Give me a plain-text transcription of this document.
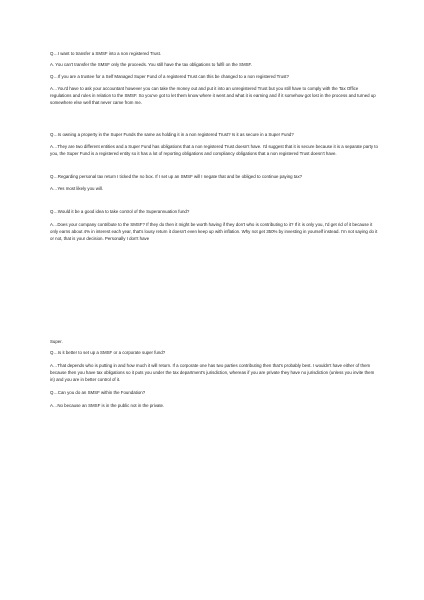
Q…I want to transfer a SMSF into a non registered Trust.

A. You can't transfer the SMSF only the proceeds. You still have the tax obligations to fulfil on the SMSF.

Q…If you are a trustee for a Self Managed Super Fund of a registered Trust can this be changed to a non registered Trust?

A…You'd have to ask your accountant however you can take the money out and put it into an unregistered Trust but you still have to comply with the Tax Office regulations and rules in relation to the SMSF. So you've got to let them know where it went and what it is earning and if it somehow got lost in the process and turned up somewhere else well that never came from me.

Q…Is owning a property in the Super Funds the same as holding it in a non registered Trust? Is it as secure in a Super Fund?

A…They are two different entities and a Super Fund has obligations that a non registered Trust doesn't have. I'd suggest that it is secure because it is a separate party to you, the Super Fund is a registered entity so it has a lot of reporting obligations and compliancy obligations that a non registered Trust doesn't have.

Q…Regarding personal tax return I ticked the no box. If I set up an SMSF will I negate that and be obliged to continue paying tax?

A…Yes most likely you will.

Q…Would it be a good idea to take control of the Superannuation fund?

A…Does your company contribute to the SMSF? If they do then it might be worth having if they don't who is contributing to it? If it is only you, I'd get rid of it because it only earns about 4% in interest each year, that's lousy return it doesn't even keep up with inflation. Why not get 350% by investing in yourself instead. I'm not saying do it or not, that is your decision. Personally I don't have

Super.

Q…Is it better to set up a SMSF or a corporate super fund?

A…That depends who is putting in and how much it will return. If a corporate one has two parties contributing then that's probably best. I wouldn't have either of them because then you have tax obligations so it puts you under the tax department's jurisdiction, whereas if you are private they have no jurisdiction (unless you invite them in) and you are in better control of it.

Q…Can you do an SMSF within the Foundation?

A…No because an SMSF is in the public not in the private.
